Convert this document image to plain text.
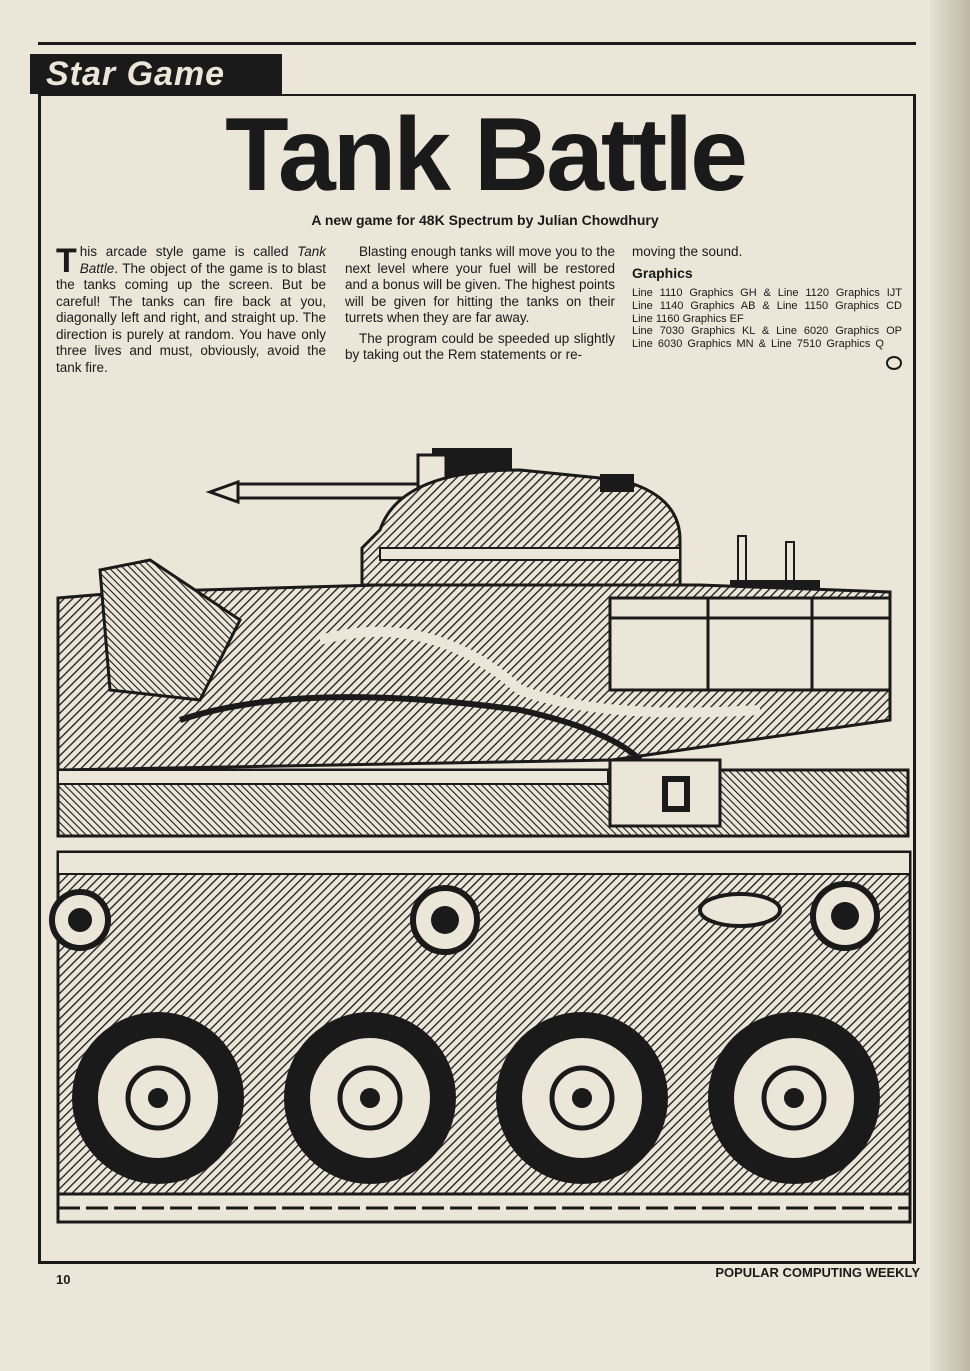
Star Game
Tank Battle
A new game for 48K Spectrum by Julian Chowdhury

This arcade style game is called Tank Battle. The object of the game is to blast the tanks coming up the screen. But be careful! The tanks can fire back at you, diagonally left and right, and straight up. The direction is purely at random. You have only three lives and must, obviously, avoid the tank fire.

Blasting enough tanks will move you to the next level where your fuel will be restored and a bonus will be given. The highest points will be given for hitting the tanks on their turrets when they are far away.

The program could be speeded up slightly by taking out the Rem statements or re-

moving the sound.

Graphics
Line 1110 Graphics GH & Line 1120 Graphics IJT
Line 1140 Graphics AB & Line 1150 Graphics CD
Line 1160 Graphics EF
Line 7030 Graphics KL & Line 6020 Graphics OP
Line 6030 Graphics MN & Line 7510 Graphics Q
10	POPULAR COMPUTING WEEKLY
